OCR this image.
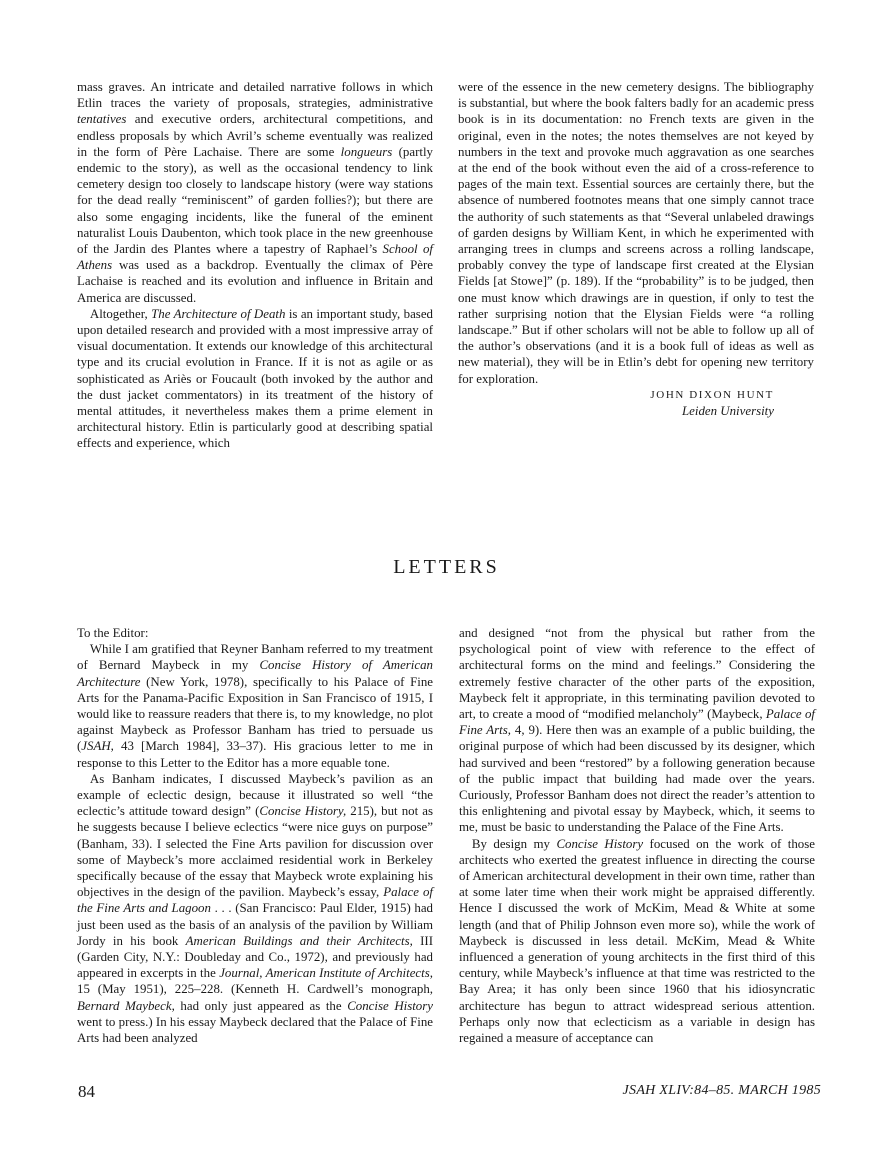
mass graves. An intricate and detailed narrative follows in which Etlin traces the variety of proposals, strategies, administrative tentatives and executive orders, architectural competitions, and endless proposals by which Avril’s scheme eventually was realized in the form of Père Lachaise. There are some longueurs (partly endemic to the story), as well as the occasional tendency to link cemetery design too closely to landscape history (were way stations for the dead really “reminiscent” of garden follies?); but there are also some engaging incidents, like the funeral of the eminent naturalist Louis Daubenton, which took place in the new greenhouse of the Jardin des Plantes where a tapestry of Raphael’s School of Athens was used as a backdrop. Eventually the climax of Père Lachaise is reached and its evolution and influence in Britain and America are discussed.

Altogether, The Architecture of Death is an important study, based upon detailed research and provided with a most impressive array of visual documentation. It extends our knowledge of this architectural type and its crucial evolution in France. If it is not as agile or as sophisticated as Ariès or Foucault (both invoked by the author and the dust jacket commentators) in its treatment of the history of mental attitudes, it nevertheless makes them a prime element in architectural history. Etlin is particularly good at describing spatial effects and experience, which

were of the essence in the new cemetery designs. The bibliography is substantial, but where the book falters badly for an academic press book is in its documentation: no French texts are given in the original, even in the notes; the notes themselves are not keyed by numbers in the text and provoke much aggravation as one searches at the end of the book without even the aid of a cross-reference to pages of the main text. Essential sources are certainly there, but the absence of numbered footnotes means that one simply cannot trace the authority of such statements as that “Several unlabeled drawings of garden designs by William Kent, in which he experimented with arranging trees in clumps and screens across a rolling landscape, probably convey the type of landscape first created at the Elysian Fields [at Stowe]” (p. 189). If the “probability” is to be judged, then one must know which drawings are in question, if only to test the rather surprising notion that the Elysian Fields were “a rolling landscape.” But if other scholars will not be able to follow up all of the author’s observations (and it is a book full of ideas as well as new material), they will be in Etlin’s debt for opening new territory for exploration.

JOHN DIXON HUNT
Leiden University
LETTERS

To the Editor:

While I am gratified that Reyner Banham referred to my treatment of Bernard Maybeck in my Concise History of American Architecture (New York, 1978), specifically to his Palace of Fine Arts for the Panama-Pacific Exposition in San Francisco of 1915, I would like to reassure readers that there is, to my knowledge, no plot against Maybeck as Professor Banham has tried to persuade us (JSAH, 43 [March 1984], 33–37). His gracious letter to me in response to this Letter to the Editor has a more equable tone.

As Banham indicates, I discussed Maybeck’s pavilion as an example of eclectic design, because it illustrated so well “the eclectic’s attitude toward design” (Concise History, 215), but not as he suggests because I believe eclectics “were nice guys on purpose” (Banham, 33). I selected the Fine Arts pavilion for discussion over some of Maybeck’s more acclaimed residential work in Berkeley specifically because of the essay that Maybeck wrote explaining his objectives in the design of the pavilion. Maybeck’s essay, Palace of the Fine Arts and Lagoon . . . (San Francisco: Paul Elder, 1915) had just been used as the basis of an analysis of the pavilion by William Jordy in his book American Buildings and their Architects, III (Garden City, N.Y.: Doubleday and Co., 1972), and previously had appeared in excerpts in the Journal, American Institute of Architects, 15 (May 1951), 225–228. (Kenneth H. Cardwell’s monograph, Bernard Maybeck, had only just appeared as the Concise History went to press.) In his essay Maybeck declared that the Palace of Fine Arts had been analyzed

and designed “not from the physical but rather from the psychological point of view with reference to the effect of architectural forms on the mind and feelings.” Considering the extremely festive character of the other parts of the exposition, Maybeck felt it appropriate, in this terminating pavilion devoted to art, to create a mood of “modified melancholy” (Maybeck, Palace of Fine Arts, 4, 9). Here then was an example of a public building, the original purpose of which had been discussed by its designer, which had survived and been “restored” by a following generation because of the public impact that building had made over the years. Curiously, Professor Banham does not direct the reader’s attention to this enlightening and pivotal essay by Maybeck, which, it seems to me, must be basic to understanding the Palace of the Fine Arts.

By design my Concise History focused on the work of those architects who exerted the greatest influence in directing the course of American architectural development in their own time, rather than at some later time when their work might be appraised differently. Hence I discussed the work of McKim, Mead & White at some length (and that of Philip Johnson even more so), while the work of Maybeck is discussed in less detail. McKim, Mead & White influenced a generation of young architects in the first third of this century, while Maybeck’s influence at that time was restricted to the Bay Area; it has only been since 1960 that his idiosyncratic architecture has begun to attract widespread serious attention. Perhaps only now that eclecticism as a variable in design has regained a measure of acceptance can

84	JSAH XLIV:84–85. MARCH 1985
